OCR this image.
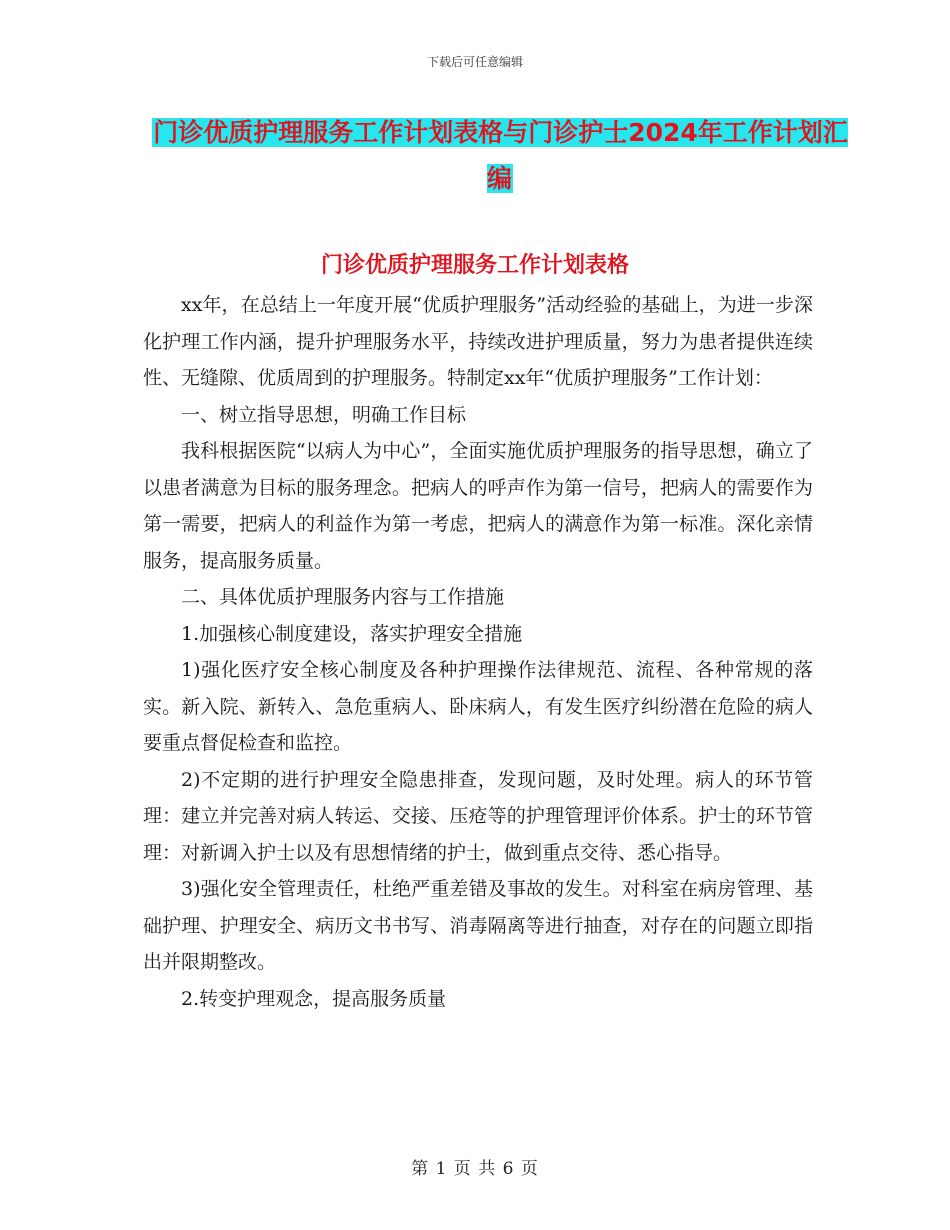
下载后可任意编辑
门诊优质护理服务工作计划表格与门诊护士2024年工作计划汇编
门诊优质护理服务工作计划表格

xx年，在总结上一年度开展“优质护理服务”活动经验的基础上，为进一步深化护理工作内涵，提升护理服务水平，持续改进护理质量，努力为患者提供连续性、无缝隙、优质周到的护理服务。特制定xx年“优质护理服务”工作计划：

一、树立指导思想，明确工作目标

我科根据医院“以病人为中心”，全面实施优质护理服务的指导思想，确立了以患者满意为目标的服务理念。把病人的呼声作为第一信号，把病人的需要作为第一需要，把病人的利益作为第一考虑，把病人的满意作为第一标准。深化亲情服务，提高服务质量。

二、具体优质护理服务内容与工作措施

1.加强核心制度建设，落实护理安全措施

1)强化医疗安全核心制度及各种护理操作法律规范、流程、各种常规的落实。新入院、新转入、急危重病人、卧床病人，有发生医疗纠纷潜在危险的病人要重点督促检查和监控。

2)不定期的进行护理安全隐患排查，发现问题，及时处理。病人的环节管理：建立并完善对病人转运、交接、压疮等的护理管理评价体系。护士的环节管理：对新调入护士以及有思想情绪的护士，做到重点交待、悉心指导。

3)强化安全管理责任，杜绝严重差错及事故的发生。对科室在病房管理、基础护理、护理安全、病历文书书写、消毒隔离等进行抽查，对存在的问题立即指出并限期整改。

2.转变护理观念，提高服务质量

第 1 页 共 6 页
